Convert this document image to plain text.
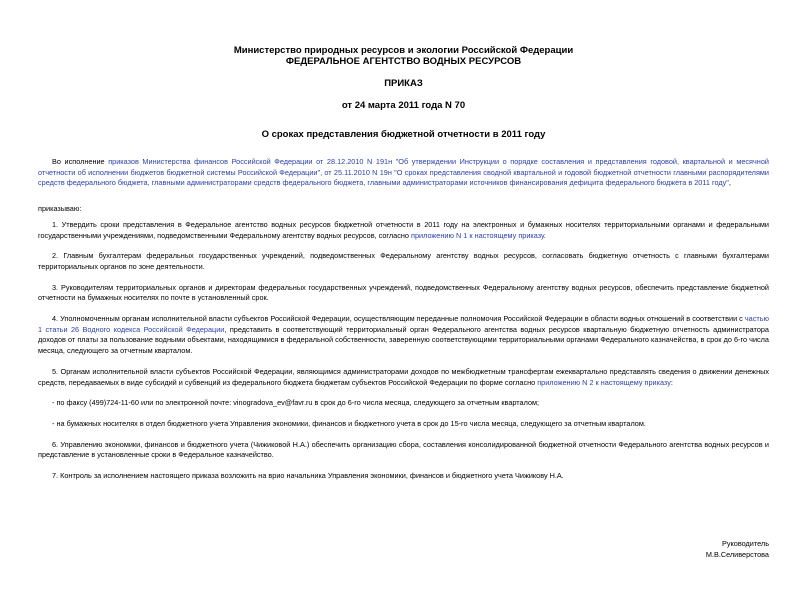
Министерство природных ресурсов и экологии Российской Федерации
ФЕДЕРАЛЬНОЕ АГЕНТСТВО ВОДНЫХ РЕСУРСОВ
ПРИКАЗ
от 24 марта 2011 года N 70
О сроках представления бюджетной отчетности в 2011 году

Во исполнение приказов Министерства финансов Российской Федерации от 28.12.2010 N 191н "Об утверждении Инструкции о порядке составления и представления годовой, квартальной и месячной отчетности об исполнении бюджетов бюджетной системы Российской Федерации", от 25.11.2010 N 19н "О сроках представления сводной квартальной и годовой бюджетной отчетности главными распорядителями средств федерального бюджета, главными администраторами средств федерального бюджета, главными администраторами источников финансирования дефицита федерального бюджета в 2011 году",

приказываю:

1. Утвердить сроки представления в Федеральное агентство водных ресурсов бюджетной отчетности в 2011 году на электронных и бумажных носителях территориальными органами и федеральными государственными учреждениями, подведомственными Федеральному агентству водных ресурсов, согласно приложению N 1 к настоящему приказу.

2. Главным бухгалтерам федеральных государственных учреждений, подведомственных Федеральному агентству водных ресурсов, согласовать бюджетную отчетность с главными бухгалтерами территориальных органов по зоне деятельности.

3. Руководителям территориальных органов и директорам федеральных государственных учреждений, подведомственных Федеральному агентству водных ресурсов, обеспечить представление бюджетной отчетности на бумажных носителях по почте в установленный срок.

4. Уполномоченным органам исполнительной власти субъектов Российской Федерации, осуществляющим переданные полномочия Российской Федерации в области водных отношений в соответствии с частью 1 статьи 26 Водного кодекса Российской Федерации, представить в соответствующий территориальный орган Федерального агентства водных ресурсов квартальную бюджетную отчетность администратора доходов от платы за пользование водными объектами, находящимися в федеральной собственности, заверенную соответствующими территориальными органами Федерального казначейства, в срок до 6-го числа месяца, следующего за отчетным кварталом.

5. Органам исполнительной власти субъектов Российской Федерации, являющимся администраторами доходов по межбюджетным трансфертам ежеквартально представлять сведения о движении денежных средств, передаваемых в виде субсидий и субвенций из федерального бюджета бюджетам субъектов Российской Федерации по форме согласно приложению N 2 к настоящему приказу:

- по факсу (499)724-11-60 или по электронной почте: vinogradova_ev@favr.ru в срок до 6-го числа месяца, следующего за отчетным кварталом;

- на бумажных носителях в отдел бюджетного учета Управления экономики, финансов и бюджетного учета в срок до 15-го числа месяца, следующего за отчетным кварталом.

6. Управлению экономики, финансов и бюджетного учета (Чижиковой Н.А.) обеспечить организацию сбора, составления консолидированной бюджетной отчетности Федерального агентства водных ресурсов и представление в установленные сроки в Федеральное казначейство.

7. Контроль за исполнением настоящего приказа возложить на врио начальника Управления экономики, финансов и бюджетного учета Чижикову Н.А.

Руководитель
М.В.Селиверстова
